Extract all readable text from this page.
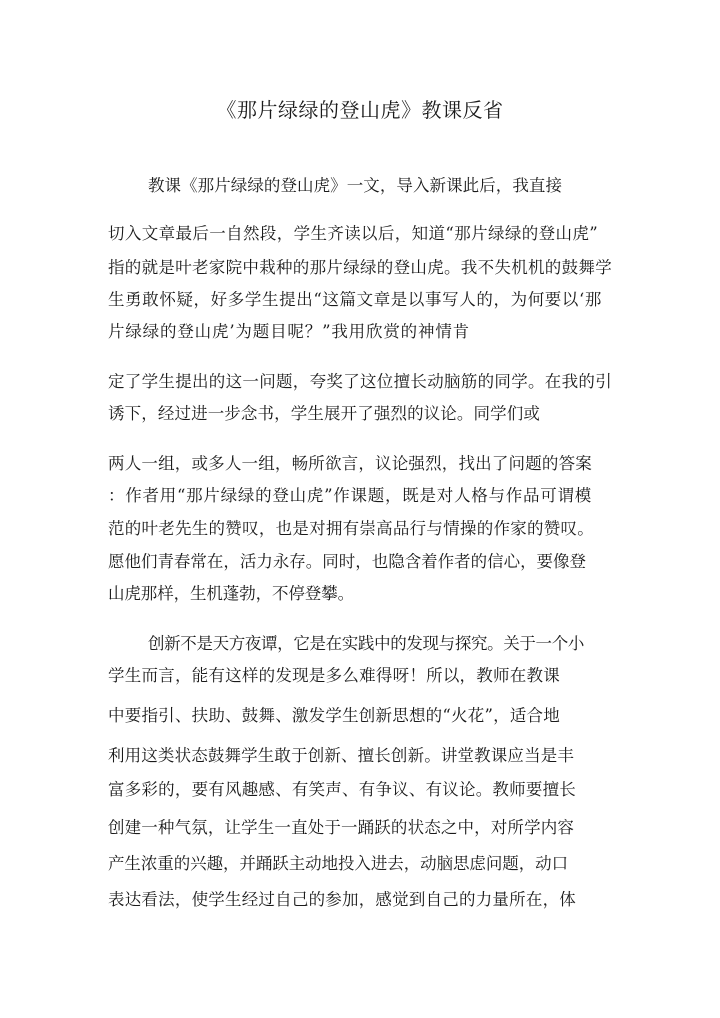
《那片绿绿的登山虎》教课反省
教课《那片绿绿的登山虎》一文，导入新课此后，我直接
切入文章最后一自然段，学生齐读以后，知道“那片绿绿的登山虎”
指的就是叶老家院中栽种的那片绿绿的登山虎。我不失机机的鼓舞学
生勇敢怀疑，好多学生提出“这篇文章是以事写人的，为何要以‘那
片绿绿的登山虎’为题目呢？”我用欣赏的神情肯
定了学生提出的这一问题，夸奖了这位擅长动脑筋的同学。在我的引
诱下，经过进一步念书，学生展开了强烈的议论。同学们或
两人一组，或多人一组，畅所欲言，议论强烈，找出了问题的答案
：作者用“那片绿绿的登山虎”作课题，既是对人格与作品可谓模
范的叶老先生的赞叹，也是对拥有崇高品行与情操的作家的赞叹。
愿他们青春常在，活力永存。同时，也隐含着作者的信心，要像登
山虎那样，生机蓬勃，不停登攀。
创新不是天方夜谭，它是在实践中的发现与探究。关于一个小
学生而言，能有这样的发现是多么难得呀！所以，教师在教课
中要指引、扶助、鼓舞、激发学生创新思想的“火花”，适合地
利用这类状态鼓舞学生敢于创新、擅长创新。讲堂教课应当是丰
富多彩的，要有风趣感、有笑声、有争议、有议论。教师要擅长
创建一种气氛，让学生一直处于一踊跃的状态之中，对所学内容
产生浓重的兴趣，并踊跃主动地投入进去，动脑思虑问题，动口
表达看法，使学生经过自己的参加，感觉到自己的力量所在，体
